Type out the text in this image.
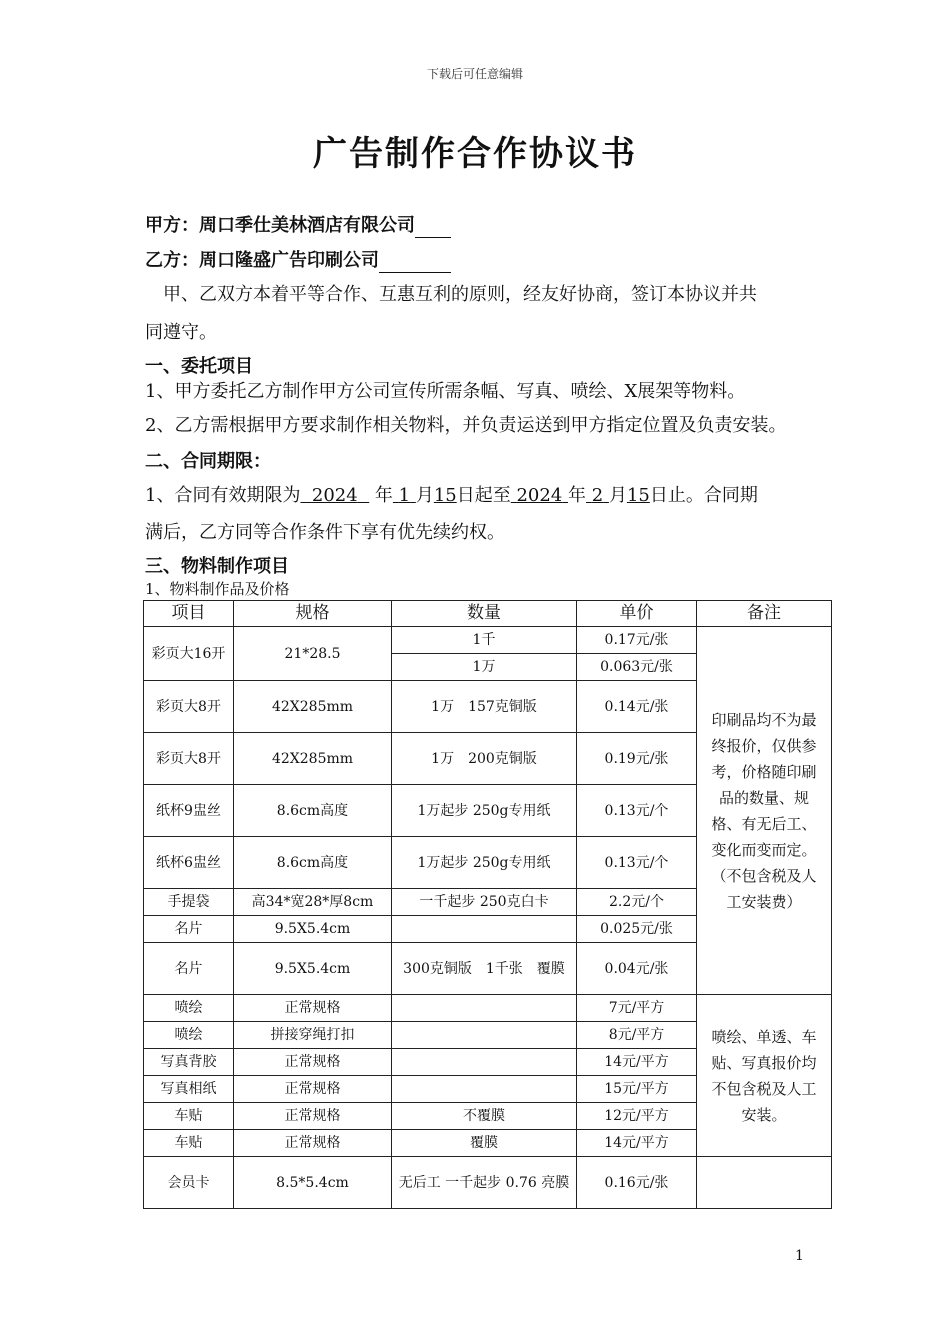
下载后可任意编辑
广告制作合作协议书
甲方：周口季仕美林酒店有限公司　　
乙方：周口隆盛广告印刷公司　　　　
甲、乙双方本着平等合作、互惠互利的原则，经友好协商，签订本协议并共
同遵守。
一、委托项目
1、甲方委托乙方制作甲方公司宣传所需条幅、写真、喷绘、X展架等物料。
2、乙方需根据甲方要求制作相关物料，并负责运送到甲方指定位置及负责安装。
二、合同期限：
1、合同有效期限为 2024 年 1 月15日起至 2024 年 2 月15日止。合同期
满后，乙方同等合作条件下享有优先续约权。
三、物料制作项目
1、物料制作品及价格
项目	规格	数量	单价	备注
彩页大16开	21*28.5	1千	0.17元/张	印刷品均不为最终报价，仅供参考，价格随印刷品的数量、规格、有无后工、变化而变而定。（不包含税及人工安装费）
		1万	0.063元/张	
彩页大8开	42X285mm	1万　157克铜版	0.14元/张	
彩页大8开	42X285mm	1万　200克铜版	0.19元/张	
纸杯9盅丝	8.6cm高度	1万起步 250g专用纸	0.13元/个	
纸杯6盅丝	8.6cm高度	1万起步 250g专用纸	0.13元/个	
手提袋	高34*宽28*厚8cm	一千起步 250克白卡	2.2元/个	
名片	9.5X5.4cm		0.025元/张	
名片	9.5X5.4cm	300克铜版　1千张　覆膜	0.04元/张	
喷绘	正常规格		7元/平方	喷绘、单透、车贴、写真报价均不包含税及人工安装。
喷绘	拼接穿绳打扣		8元/平方	
写真背胶	正常规格		14元/平方	
写真相纸	正常规格		15元/平方	
车贴	正常规格	不覆膜	12元/平方	
车贴	正常规格	覆膜	14元/平方	
会员卡	8.5*5.4cm	无后工 一千起步 0.76 亮膜	0.16元/张	
1
